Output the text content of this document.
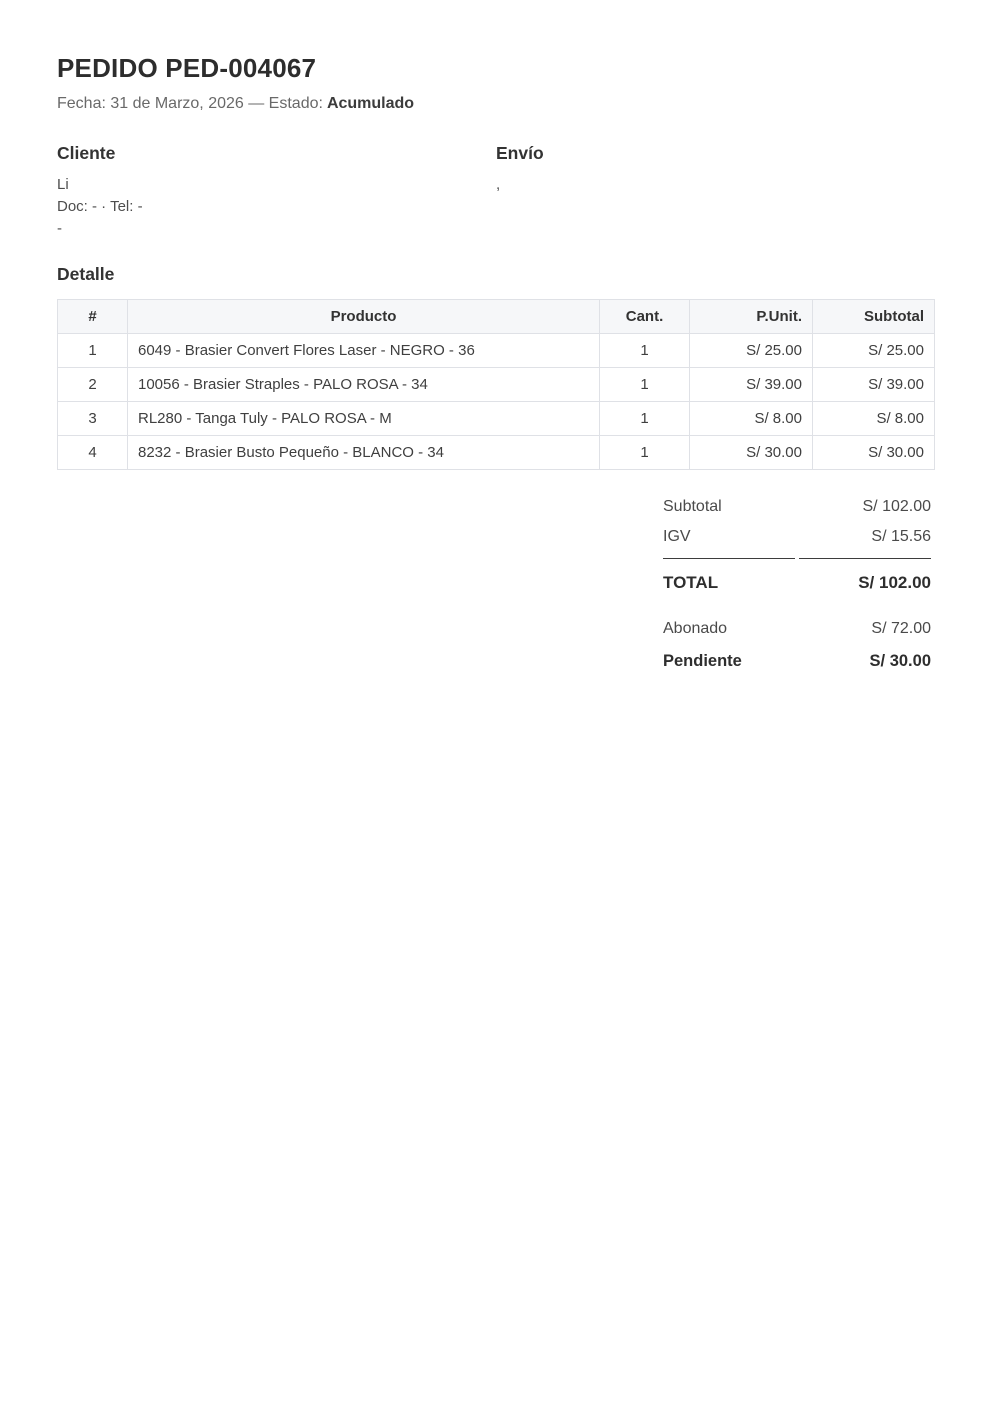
PEDIDO PED-004067

Fecha: 31 de Marzo, 2026 — Estado: Acumulado

Cliente

Li

Doc: - · Tel: -

-

Envío

,

Detalle
#	Producto	Cant.	P.Unit.	Subtotal
1	6049 - Brasier Convert Flores Laser - NEGRO - 36	1	S/ 25.00	S/ 25.00
2	10056 - Brasier Straples - PALO ROSA - 34	1	S/ 39.00	S/ 39.00
3	RL280 - Tanga Tuly - PALO ROSA - M	1	S/ 8.00	S/ 8.00
4	8232 - Brasier Busto Pequeño - BLANCO - 34	1	S/ 30.00	S/ 30.00
Subtotal	S/ 102.00
IGV	S/ 15.56
TOTAL	S/ 102.00

Abonado	S/ 72.00
Pendiente	S/ 30.00
